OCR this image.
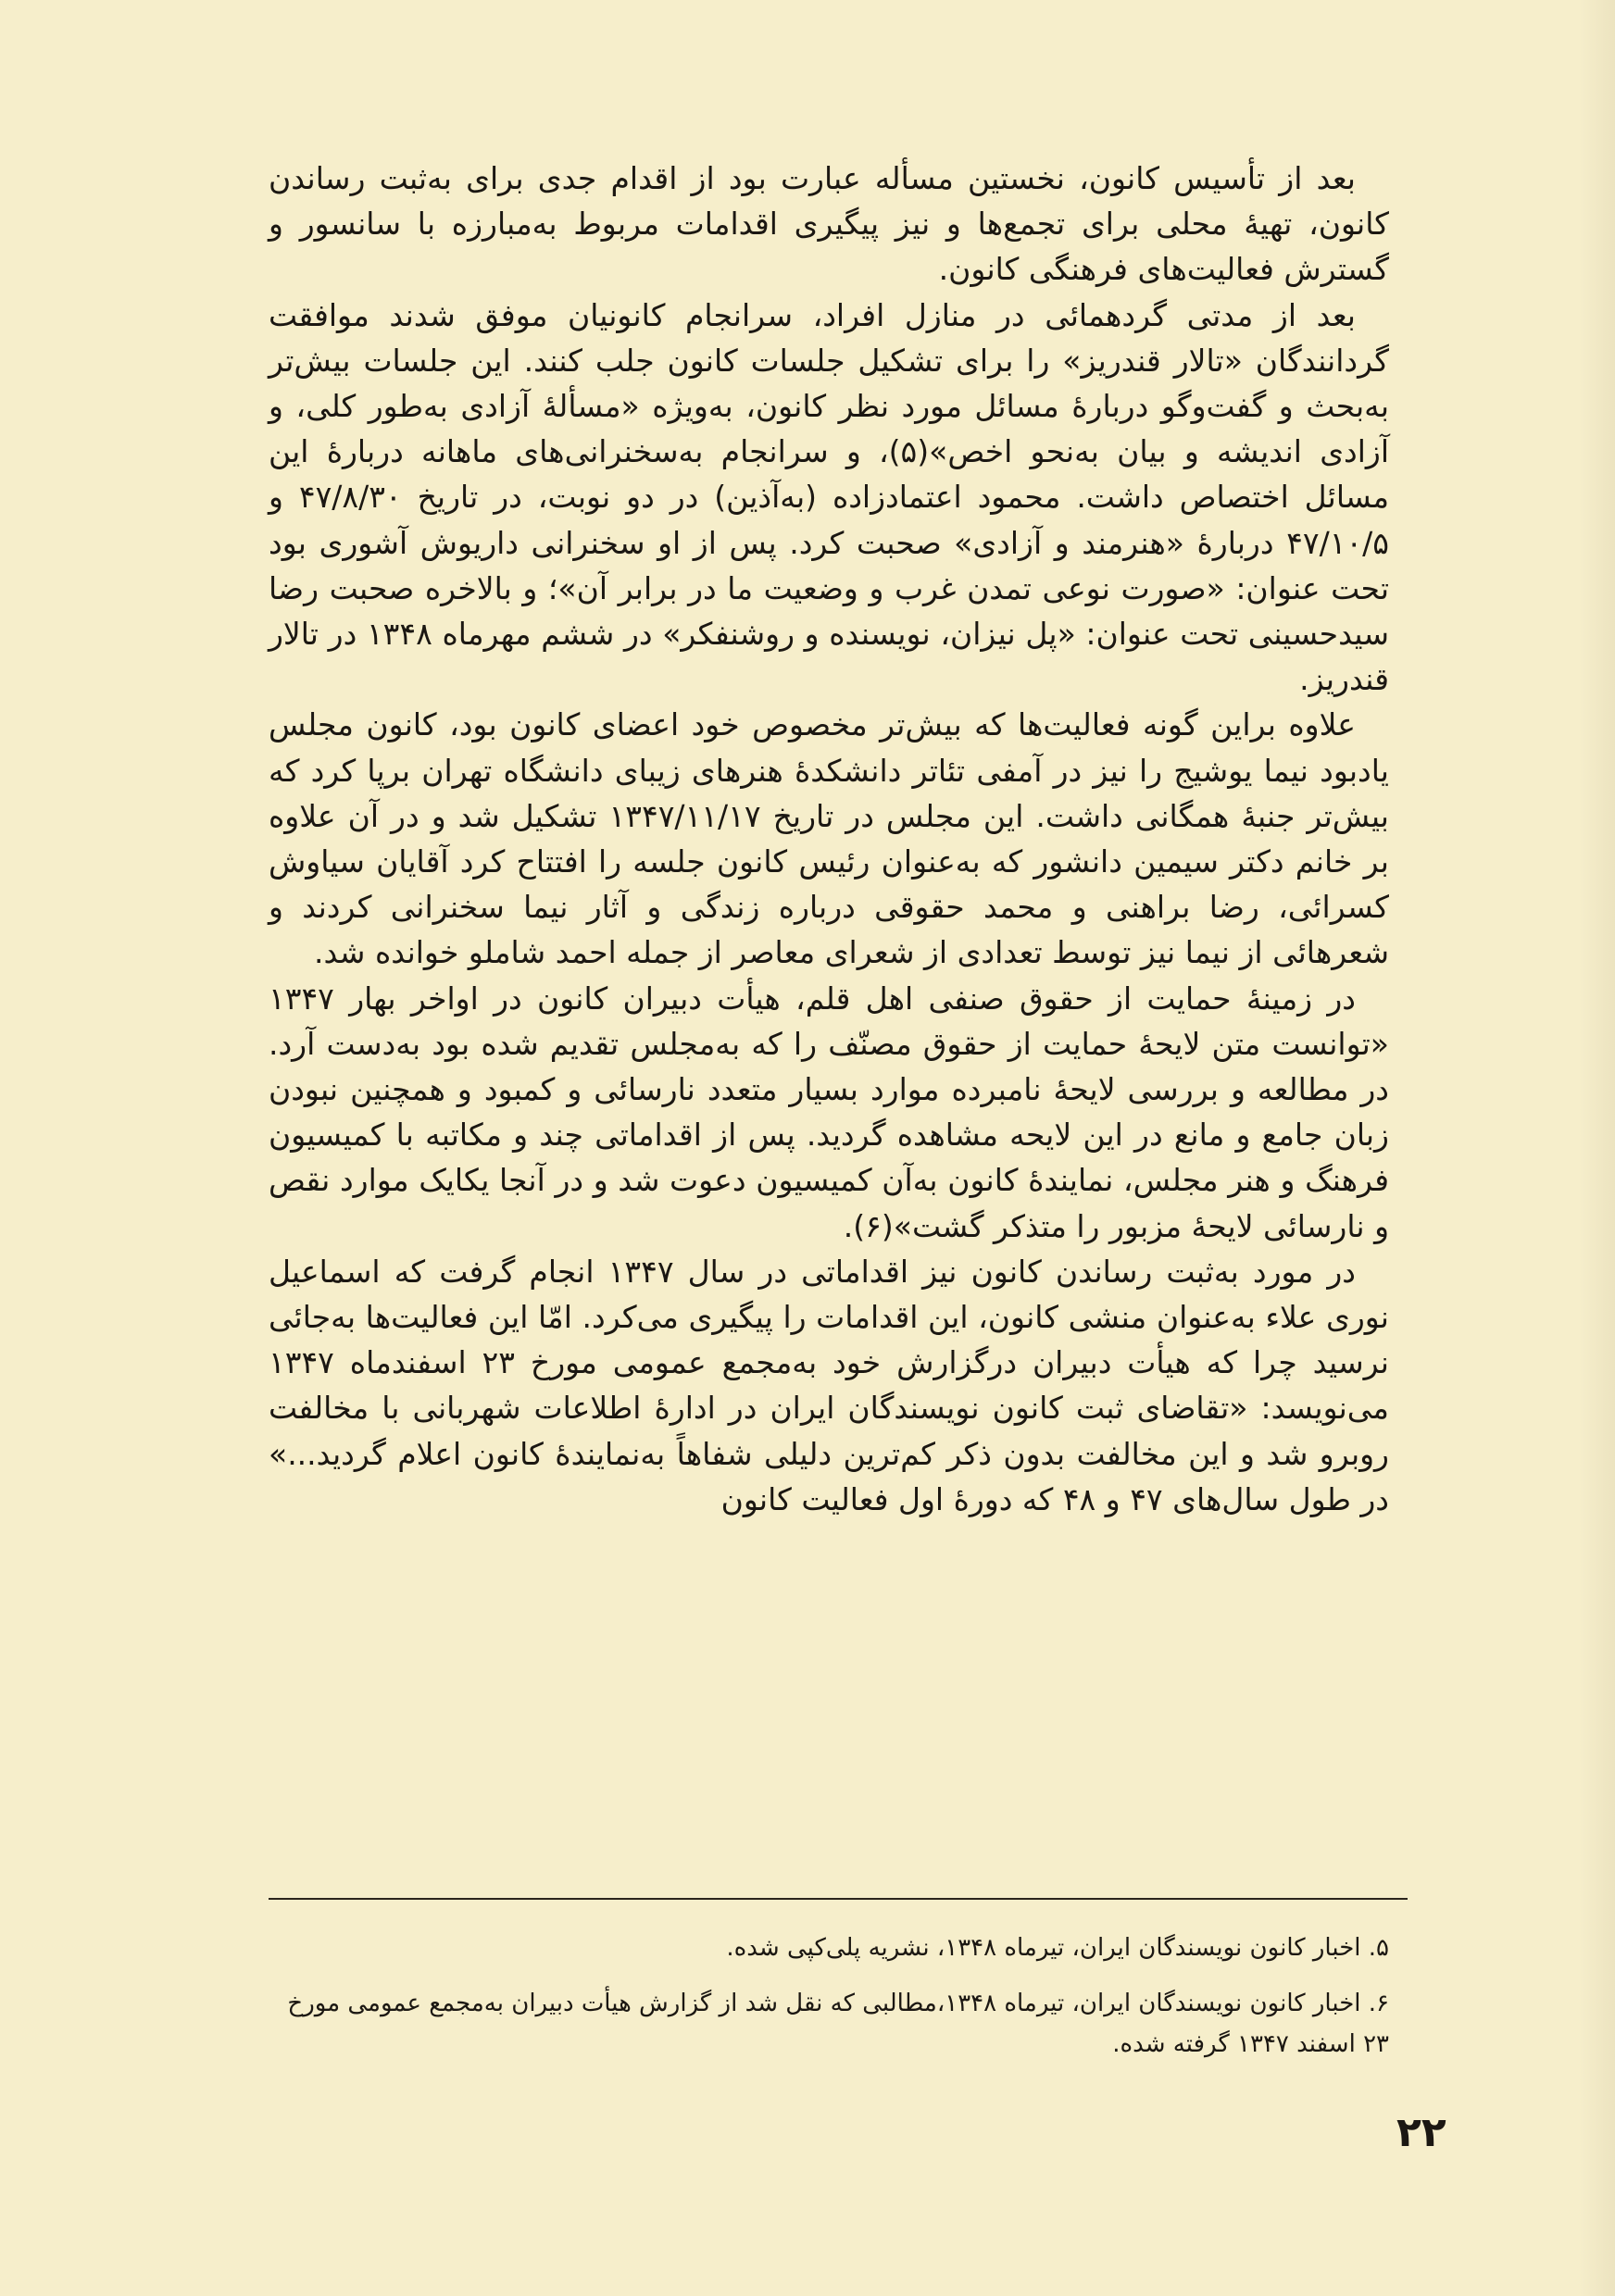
بعد از تأسیس کانون، نخستین مسأله عبارت بود از اقدام جدی برای به‌ثبت رساندن کانون، تهیهٔ محلی برای تجمع‌ها و نیز پیگیری اقدامات مربوط به‌مبارزه با سانسور و گسترش فعالیت‌های فرهنگی کانون.

بعد از مدتی گردهمائی در منازل افراد، سرانجام کانونیان موفق شدند موافقت گردانندگان «تالار قندریز» را برای تشکیل جلسات کانون جلب کنند. این جلسات بیش‌تر به‌بحث و گفت‌وگو دربارهٔ مسائل مورد نظر کانون، به‌ویژه «مسألهٔ آزادی به‌طور کلی، و آزادی اندیشه و بیان به‌نحو اخص»(۵)، و سرانجام به‌سخنرانی‌های ماهانه دربارهٔ این مسائل اختصاص داشت. محمود اعتمادزاده (به‌آذین) در دو نوبت، در تاریخ ۴۷/۸/۳۰ و ۴۷/۱۰/۵ دربارهٔ «هنرمند و آزادی» صحبت کرد. پس از او سخنرانی داریوش آشوری بود تحت عنوان: «صورت نوعی تمدن غرب و وضعیت ما در برابر آن»؛ و بالاخره صحبت رضا سیدحسینی تحت عنوان: «پل نیزان، نویسنده و روشنفکر» در ششم مهرماه ۱۳۴۸ در تالار قندریز.

علاوه براین گونه فعالیت‌ها که بیش‌تر مخصوص خود اعضای کانون بود، کانون مجلس یادبود نیما یوشیج را نیز در آمفی تئاتر دانشکدهٔ هنرهای زیبای دانشگاه تهران برپا کرد که بیش‌تر جنبهٔ همگانی داشت. این مجلس در تاریخ ۱۳۴۷/۱۱/۱۷ تشکیل شد و در آن علاوه بر خانم دکتر سیمین دانشور که به‌عنوان رئیس کانون جلسه را افتتاح کرد آقایان سیاوش کسرائی، رضا براهنی و محمد حقوقی درباره زندگی و آثار نیما سخنرانی کردند و شعرهائی از نیما نیز توسط تعدادی از شعرای معاصر از جمله احمد شاملو خوانده شد.

در زمینهٔ حمایت از حقوق صنفی اهل قلم، هیأت دبیران کانون در اواخر بهار ۱۳۴۷ «توانست متن لایحهٔ حمایت از حقوق مصنّف را که به‌مجلس تقدیم شده بود به‌دست آرد. در مطالعه و بررسی لایحهٔ نامبرده موارد بسیار متعدد نارسائی و کمبود و همچنین نبودن زبان جامع و مانع در این لایحه مشاهده گردید. پس از اقداماتی چند و مکاتبه با کمیسیون فرهنگ و هنر مجلس، نمایندهٔ کانون به‌آن کمیسیون دعوت شد و در آنجا یکایک موارد نقص و نارسائی لایحهٔ مزبور را متذکر گشت»(۶).

در مورد به‌ثبت رساندن کانون نیز اقداماتی در سال ۱۳۴۷ انجام گرفت که اسماعیل نوری علاء به‌عنوان منشی کانون، این اقدامات را پیگیری می‌کرد. امّا این فعالیت‌ها به‌جائی نرسید چرا که هیأت دبیران درگزارش خود به‌مجمع عمومی مورخ ۲۳ اسفندماه ۱۳۴۷ می‌نویسد: «تقاضای ثبت کانون نویسندگان ایران در ادارهٔ اطلاعات شهربانی با مخالفت روبرو شد و این مخالفت بدون ذکر کم‌ترین دلیلی شفاهاً به‌نمایندهٔ کانون اعلام گردید...» در طول سال‌های ۴۷ و ۴۸ که دورهٔ اول فعالیت کانون

۵. اخبار کانون نویسندگان ایران، تیرماه ۱۳۴۸، نشریه پلی‌کپی شده.

۶. اخبار کانون نویسندگان ایران، تیرماه ۱۳۴۸،مطالبی که نقل شد از گزارش هیأت دبیران به‌مجمع عمومی مورخ ۲۳ اسفند ۱۳۴۷ گرفته شده.

۲۲
